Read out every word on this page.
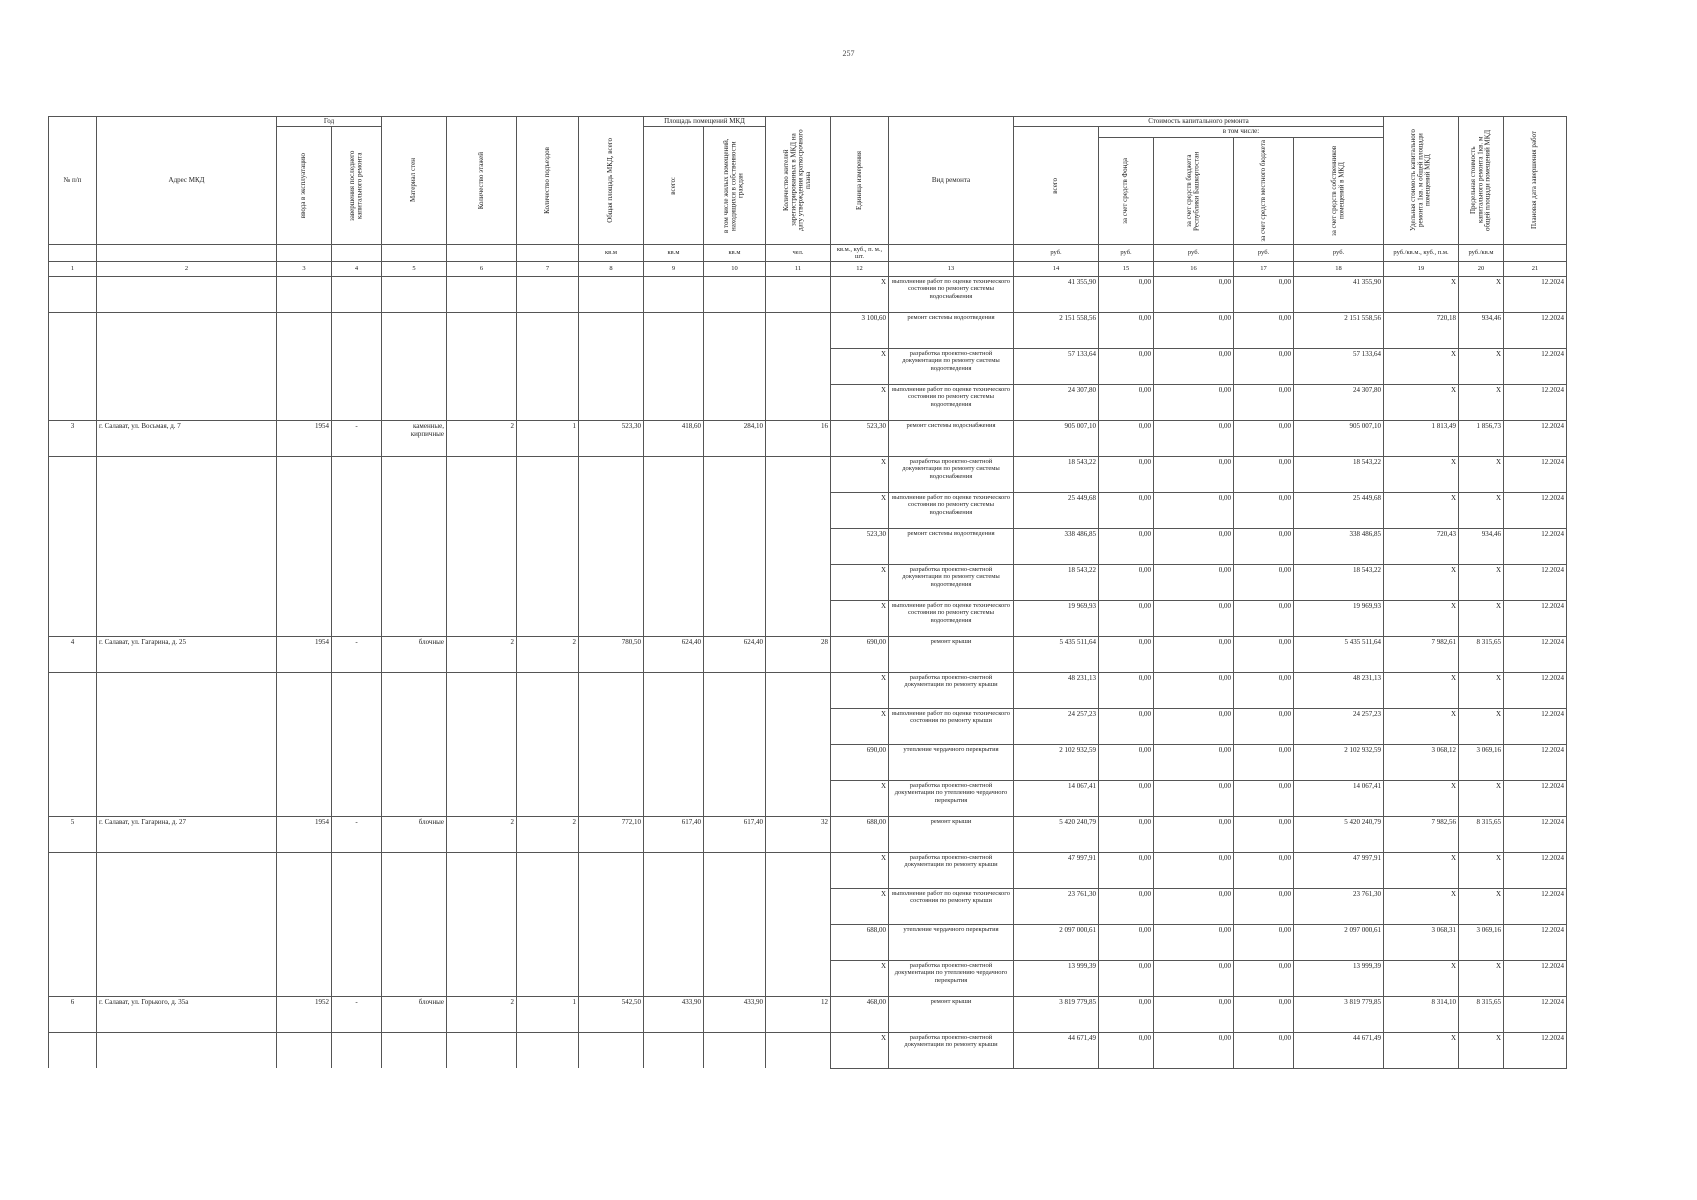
257
№ п/п	Адрес МКД	Год		Материал стен	Количество этажей	Количество подъездов	Общая площадь МКД, всего	Площадь помещений МКД		Количество жителей зарегистрированных в МКД на дату утверждения краткосрочного плана	Единица измерения	Вид ремонта	Стоимость капитального ремонта					Удельная стоимость капитального ремонта 1кв. м общей площади помещений МКД	Предельная стоимость капитального ремонта 1кв. м общей площади помещений МКД	Плановая дата завершения работ

		ввода в эксплуатацию	завершения последнего капитального ремонта					всего:	в том числе жилых помещений, находящихся в собственности граждан				всего	в том числе:						

														за счет средств Фонда	за счет средств бюджета Республики Башкортостан	за счет средств местного бюджета	за счет средств собственников помещений в МКД			

							кв.м	кв.м	кв.м	чел.	кв.м., куб., п. м., шт.		руб.	руб.	руб.	руб.	руб.	руб./кв.м., куб., п.м.	руб./кв.м	
1	2	3	4	5	6	7	8	9	10	11	12	13	14	15	16	17	18	19	20	21
											X	выполнение работ по оценке технического состояния по ремонту системы водоснабжения	41 355,90	0,00	0,00	0,00	41 355,90	X	X	12.2024
											3 100,60	ремонт системы водоотведения	2 151 558,56	0,00	0,00	0,00	2 151 558,56	720,18	934,46	12.2024
											X	разработка проектно-сметной документации по ремонту системы водоотведения	57 133,64	0,00	0,00	0,00	57 133,64	X	X	12.2024
											X	выполнение работ по оценке технического состояния по ремонту системы водоотведения	24 307,80	0,00	0,00	0,00	24 307,80	X	X	12.2024
3	г. Салават, ул. Восьмая, д. 7	1954	-	каменные, кирпичные	2	1	523,30	418,60	284,10	16	523,30	ремонт системы водоснабжения	905 007,10	0,00	0,00	0,00	905 007,10	1 813,49	1 856,73	12.2024
											X	разработка проектно-сметной документации по ремонту системы водоснабжения	18 543,22	0,00	0,00	0,00	18 543,22	X	X	12.2024
											X	выполнение работ по оценке технического состояния по ремонту системы водоснабжения	25 449,68	0,00	0,00	0,00	25 449,68	X	X	12.2024
											523,30	ремонт системы водоотведения	338 486,85	0,00	0,00	0,00	338 486,85	720,43	934,46	12.2024
											X	разработка проектно-сметной документации по ремонту системы водоотведения	18 543,22	0,00	0,00	0,00	18 543,22	X	X	12.2024
											X	выполнение работ по оценке технического состояния по ремонту системы водоотведения	19 969,93	0,00	0,00	0,00	19 969,93	X	X	12.2024
4	г. Салават, ул. Гагарина, д. 25	1954	-	блочные	2	2	780,50	624,40	624,40	28	690,00	ремонт крыши	5 435 511,64	0,00	0,00	0,00	5 435 511,64	7 982,61	8 315,65	12.2024
											X	разработка проектно-сметной документации по ремонту крыши	48 231,13	0,00	0,00	0,00	48 231,13	X	X	12.2024
											X	выполнение работ по оценке технического состояния по ремонту крыши	24 257,23	0,00	0,00	0,00	24 257,23	X	X	12.2024
											690,00	утепление чердачного перекрытия	2 102 932,59	0,00	0,00	0,00	2 102 932,59	3 068,12	3 069,16	12.2024
											X	разработка проектно-сметной документации по утеплению чердачного перекрытия	14 067,41	0,00	0,00	0,00	14 067,41	X	X	12.2024
5	г. Салават, ул. Гагарина, д. 27	1954	-	блочные	2	2	772,10	617,40	617,40	32	688,00	ремонт крыши	5 420 240,79	0,00	0,00	0,00	5 420 240,79	7 982,56	8 315,65	12.2024
											X	разработка проектно-сметной документации по ремонту крыши	47 997,91	0,00	0,00	0,00	47 997,91	X	X	12.2024
											X	выполнение работ по оценке технического состояния по ремонту крыши	23 761,30	0,00	0,00	0,00	23 761,30	X	X	12.2024
											688,00	утепление чердачного перекрытия	2 097 000,61	0,00	0,00	0,00	2 097 000,61	3 068,31	3 069,16	12.2024
											X	разработка проектно-сметной документации по утеплению чердачного перекрытия	13 999,39	0,00	0,00	0,00	13 999,39	X	X	12.2024
6	г. Салават, ул. Горького, д. 35а	1952	-	блочные	2	1	542,50	433,90	433,90	12	468,00	ремонт крыши	3 819 779,85	0,00	0,00	0,00	3 819 779,85	8 314,10	8 315,65	12.2024
											X	разработка проектно-сметной документации по ремонту крыши	44 671,49	0,00	0,00	0,00	44 671,49	X	X	12.2024
